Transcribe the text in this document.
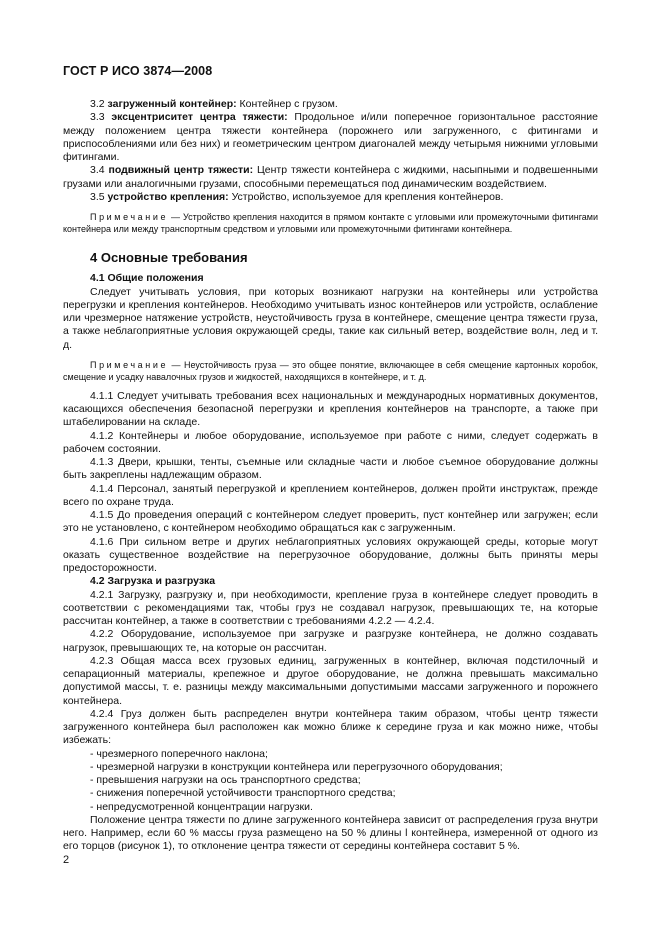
ГОСТ Р ИСО 3874—2008

3.2 загруженный контейнер: Контейнер с грузом.

3.3 эксцентриситет центра тяжести: Продольное и/или поперечное горизонтальное расстояние между положением центра тяжести контейнера (порожнего или загруженного, с фитингами и приспособлениями или без них) и геометрическим центром диагоналей между четырьмя нижними угловыми фитингами.

3.4 подвижный центр тяжести: Центр тяжести контейнера с жидкими, насыпными и подвешенными грузами или аналогичными грузами, способными перемещаться под динамическим воздействием.

3.5 устройство крепления: Устройство, используемое для крепления контейнеров.

Примечание — Устройство крепления находится в прямом контакте с угловыми или промежуточными фитингами контейнера или между транспортным средством и угловыми или промежуточными фитингами контейнера.

4 Основные требования

4.1 Общие положения

Следует учитывать условия, при которых возникают нагрузки на контейнеры или устройства перегрузки и крепления контейнеров. Необходимо учитывать износ контейнеров или устройств, ослабление или чрезмерное натяжение устройств, неустойчивость груза в контейнере, смещение центра тяжести груза, а также неблагоприятные условия окружающей среды, такие как сильный ветер, воздействие волн, лед и т. д.

Примечание — Неустойчивость груза — это общее понятие, включающее в себя смещение картонных коробок, смещение и усадку навалочных грузов и жидкостей, находящихся в контейнере, и т. д.

4.1.1 Следует учитывать требования всех национальных и международных нормативных документов, касающихся обеспечения безопасной перегрузки и крепления контейнеров на транспорте, а также при штабелировании на складе.

4.1.2 Контейнеры и любое оборудование, используемое при работе с ними, следует содержать в рабочем состоянии.

4.1.3 Двери, крышки, тенты, съемные или складные части и любое съемное оборудование должны быть закреплены надлежащим образом.

4.1.4 Персонал, занятый перегрузкой и креплением контейнеров, должен пройти инструктаж, прежде всего по охране труда.

4.1.5 До проведения операций с контейнером следует проверить, пуст контейнер или загружен; если это не установлено, с контейнером необходимо обращаться как с загруженным.

4.1.6 При сильном ветре и других неблагоприятных условиях окружающей среды, которые могут оказать существенное воздействие на перегрузочное оборудование, должны быть приняты меры предосторожности.

4.2 Загрузка и разгрузка

4.2.1 Загрузку, разгрузку и, при необходимости, крепление груза в контейнере следует проводить в соответствии с рекомендациями так, чтобы груз не создавал нагрузок, превышающих те, на которые рассчитан контейнер, а также в соответствии с требованиями 4.2.2 — 4.2.4.

4.2.2 Оборудование, используемое при загрузке и разгрузке контейнера, не должно создавать нагрузок, превышающих те, на которые он рассчитан.

4.2.3 Общая масса всех грузовых единиц, загруженных в контейнер, включая подстилочный и сепарационный материалы, крепежное и другое оборудование, не должна превышать максимально допустимой массы, т. е. разницы между максимальными допустимыми массами загруженного и порожнего контейнера.

4.2.4 Груз должен быть распределен внутри контейнера таким образом, чтобы центр тяжести загруженного контейнера был расположен как можно ближе к середине груза и как можно ниже, чтобы избежать:

- чрезмерного поперечного наклона;

- чрезмерной нагрузки в конструкции контейнера или перегрузочного оборудования;

- превышения нагрузки на ось транспортного средства;

- снижения поперечной устойчивости транспортного средства;

- непредусмотренной концентрации нагрузки.

Положение центра тяжести по длине загруженного контейнера зависит от распределения груза внутри него. Например, если 60 % массы груза размещено на 50 % длины l контейнера, измеренной от одного из его торцов (рисунок 1), то отклонение центра тяжести от середины контейнера составит 5 %.

2
